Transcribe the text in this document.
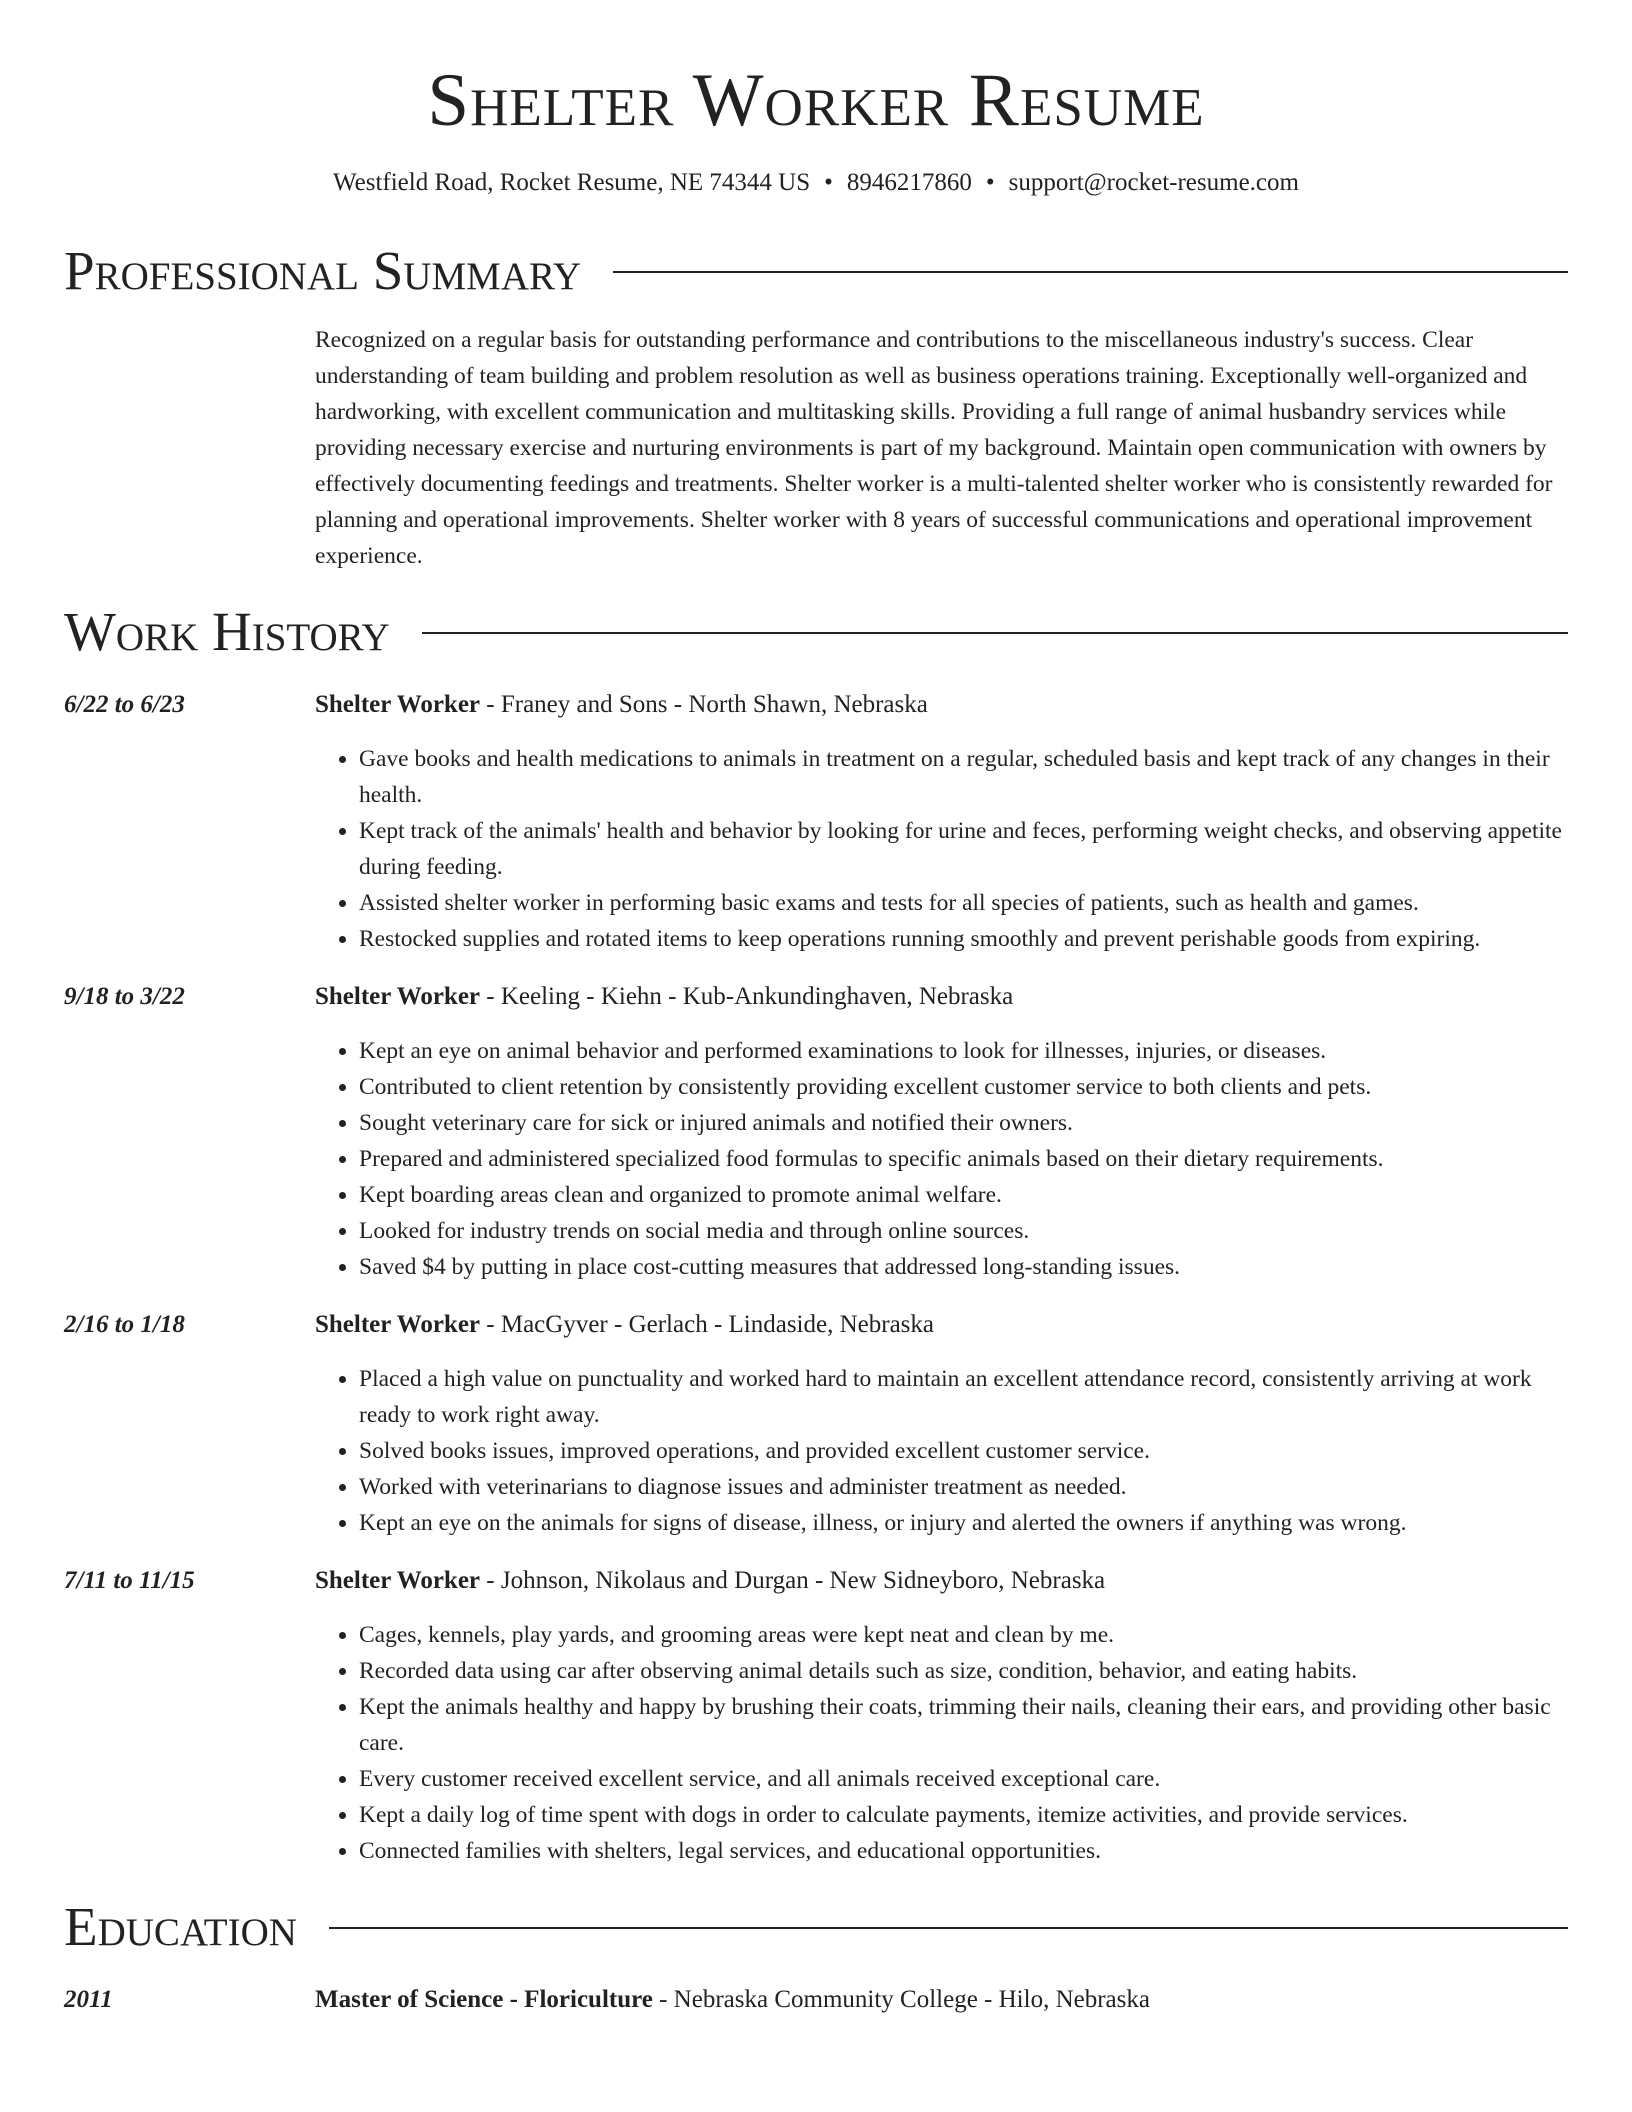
Shelter Worker Resume
Westfield Road, Rocket Resume, NE 74344 US • 8946217860 • support@rocket-resume.com
Professional Summary
Recognized on a regular basis for outstanding performance and contributions to the miscellaneous industry's success. Clear understanding of team building and problem resolution as well as business operations training. Exceptionally well-organized and hardworking, with excellent communication and multitasking skills. Providing a full range of animal husbandry services while providing necessary exercise and nurturing environments is part of my background. Maintain open communication with owners by effectively documenting feedings and treatments. Shelter worker is a multi-talented shelter worker who is consistently rewarded for planning and operational improvements. Shelter worker with 8 years of successful communications and operational improvement experience.
Work History
6/22 to 6/23	Shelter Worker - Franey and Sons - North Shawn, Nebraska
• Gave books and health medications to animals in treatment on a regular, scheduled basis and kept track of any changes in their health.
• Kept track of the animals' health and behavior by looking for urine and feces, performing weight checks, and observing appetite during feeding.
• Assisted shelter worker in performing basic exams and tests for all species of patients, such as health and games.
• Restocked supplies and rotated items to keep operations running smoothly and prevent perishable goods from expiring.
9/18 to 3/22	Shelter Worker - Keeling - Kiehn - Kub-Ankundinghaven, Nebraska
• Kept an eye on animal behavior and performed examinations to look for illnesses, injuries, or diseases.
• Contributed to client retention by consistently providing excellent customer service to both clients and pets.
• Sought veterinary care for sick or injured animals and notified their owners.
• Prepared and administered specialized food formulas to specific animals based on their dietary requirements.
• Kept boarding areas clean and organized to promote animal welfare.
• Looked for industry trends on social media and through online sources.
• Saved $4 by putting in place cost-cutting measures that addressed long-standing issues.
2/16 to 1/18	Shelter Worker - MacGyver - Gerlach - Lindaside, Nebraska
• Placed a high value on punctuality and worked hard to maintain an excellent attendance record, consistently arriving at work ready to work right away.
• Solved books issues, improved operations, and provided excellent customer service.
• Worked with veterinarians to diagnose issues and administer treatment as needed.
• Kept an eye on the animals for signs of disease, illness, or injury and alerted the owners if anything was wrong.
7/11 to 11/15	Shelter Worker - Johnson, Nikolaus and Durgan - New Sidneyboro, Nebraska
• Cages, kennels, play yards, and grooming areas were kept neat and clean by me.
• Recorded data using car after observing animal details such as size, condition, behavior, and eating habits.
• Kept the animals healthy and happy by brushing their coats, trimming their nails, cleaning their ears, and providing other basic care.
• Every customer received excellent service, and all animals received exceptional care.
• Kept a daily log of time spent with dogs in order to calculate payments, itemize activities, and provide services.
• Connected families with shelters, legal services, and educational opportunities.
Education
2011	Master of Science - Floriculture - Nebraska Community College - Hilo, Nebraska
